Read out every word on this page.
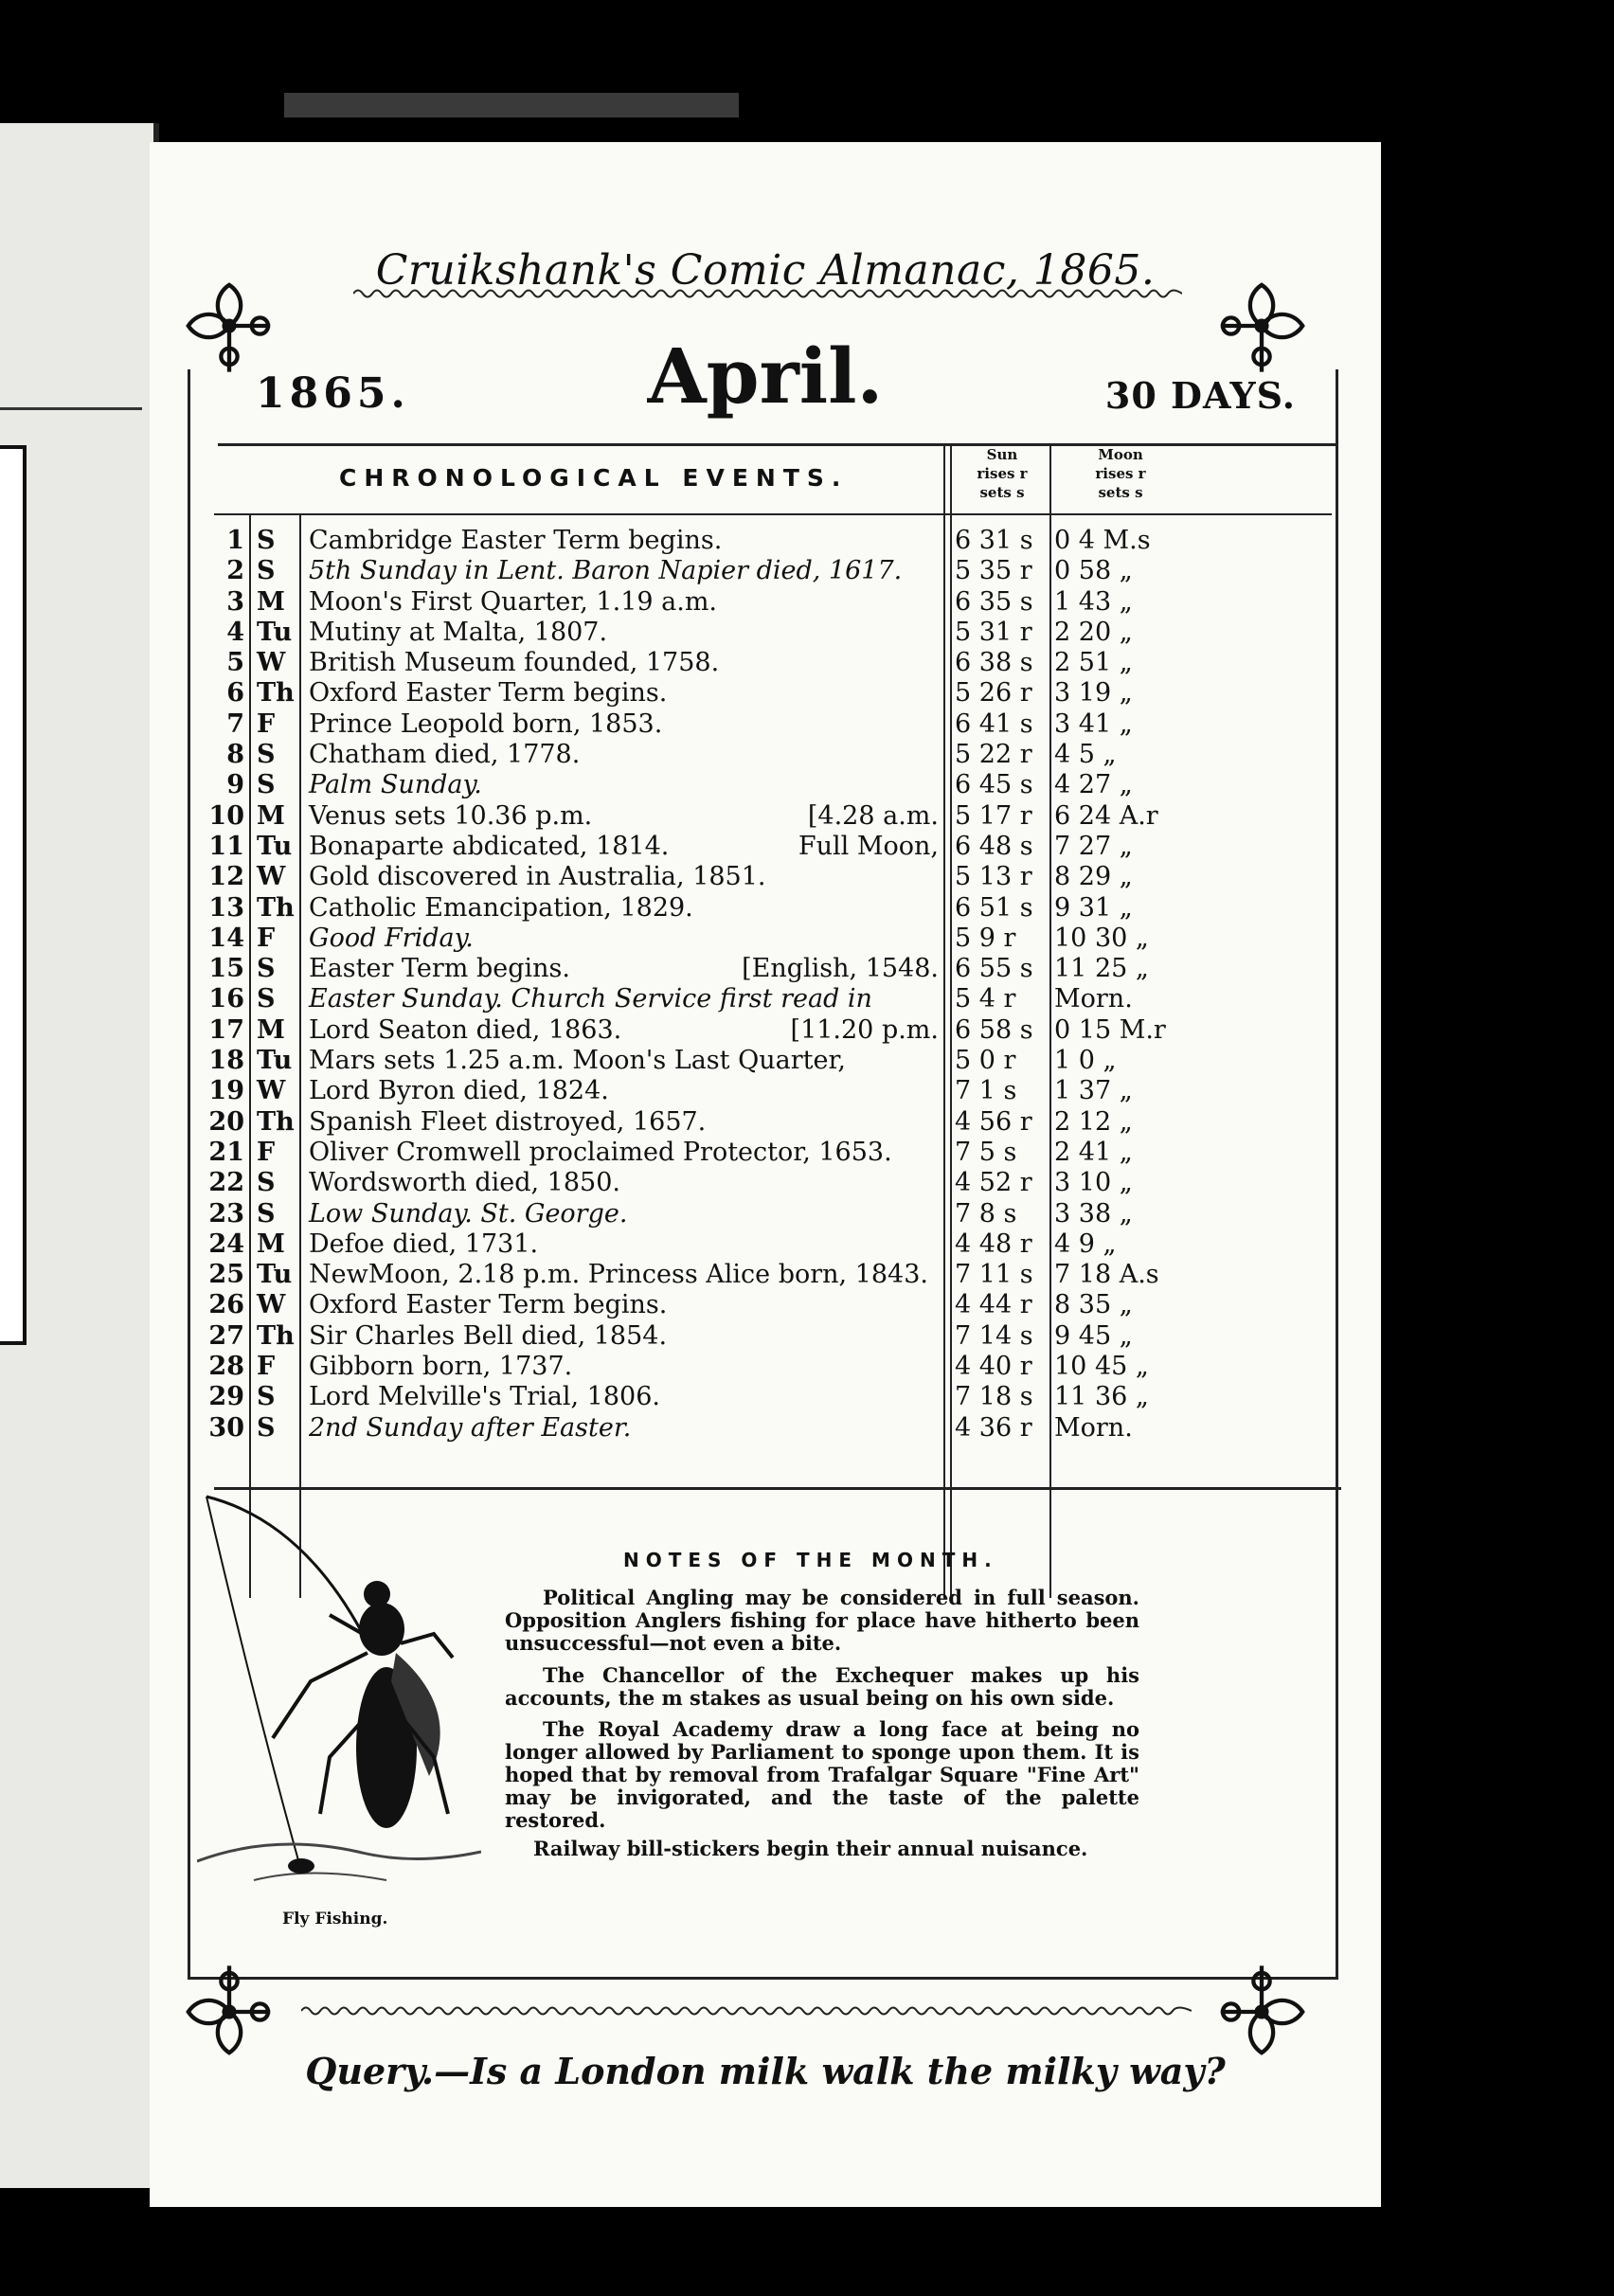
Cruikshank's Comic Almanac, 1865.
1865.	April.	30 DAYS.
CHRONOLOGICAL EVENTS.
Sun
rises r
sets s
Moon
rises r
sets s
1 S	Cambridge Easter Term begins.	6 31 s 0 4 M.s
2 S	5th Sunday in Lent. Baron Napier died, 1617.	5 35 r 0 58 „
3 M Moon's First Quarter, 1.19 a.m.	6 35 s 1 43 „
4 Tu Mutiny at Malta, 1807.	5 31 r 2 20 „
5 W British Museum founded, 1758.	6 38 s 2 51 „
6 Th Oxford Easter Term begins.	5 26 r 3 19 „
7 F	Prince Leopold born, 1853.	6 41 s 3 41 „
8 S	Chatham died, 1778.	5 22 r 4 5 „
9 S	Palm Sunday.	6 45 s 4 27 „
10 M Venus sets 10.36 p.m.	[4.28 a.m. 5 17 r 6 24 A.r
11 Tu Bonaparte abdicated, 1814.	Full Moon, 6 48 s 7 27 „
12 W Gold discovered in Australia, 1851.	5 13 r 8 29 „
13 Th Catholic Emancipation, 1829.	6 51 s 9 31 „
14 F	Good Friday.	5 9 r	10 30 „
15 S	Easter Term begins.	[English, 1548. 6 55 s 11 25 „
16 S	Easter Sunday. Church Service first read in	5 4 r	Morn.
17 M Lord Seaton died, 1863.	[11.20 p.m. 6 58 s 0 15 M.r
18 Tu Mars sets 1.25 a.m. Moon's Last Quarter,	5 0 r	1 0 „
19 W Lord Byron died, 1824.	7 1 s	1 37 „
20 Th Spanish Fleet distroyed, 1657.	4 56 r 2 12 „
21 F	Oliver Cromwell proclaimed Protector, 1653.	7 5 s	2 41 „
22 S	Wordsworth died, 1850.	4 52 r 3 10 „
23 S	Low Sunday. St. George.	7 8 s	3 38 „
24 M Defoe died, 1731.	4 48 r 4 9 „
25 Tu NewMoon, 2.18 p.m. Princess Alice born, 1843.	7 11 s 7 18 A.s
26 W Oxford Easter Term begins.	4 44 r 8 35 „
27 Th Sir Charles Bell died, 1854.	7 14 s 9 45 „
28 F	Gibborn born, 1737.	4 40 r 10 45 „
29 S	Lord Melville's Trial, 1806.	7 18 s 11 36 „
30 S	2nd Sunday after Easter.	4 36 r Morn.
Fly Fishing.
NOTES OF THE MONTH.
Political Angling may be considered in full season. Opposition Anglers fishing for place have hitherto been unsuccessful—not even a bite.
The Chancellor of the Exchequer makes up his accounts, the m stakes as usual being on his own side.
The Royal Academy draw a long face at being no longer allowed by Parliament to sponge upon them. It is hoped that by removal from Trafalgar Square "Fine Art" may be invigorated, and the taste of the palette restored.
Railway bill-stickers begin their annual nuisance.
Query.—Is a London milk walk the milky way?
